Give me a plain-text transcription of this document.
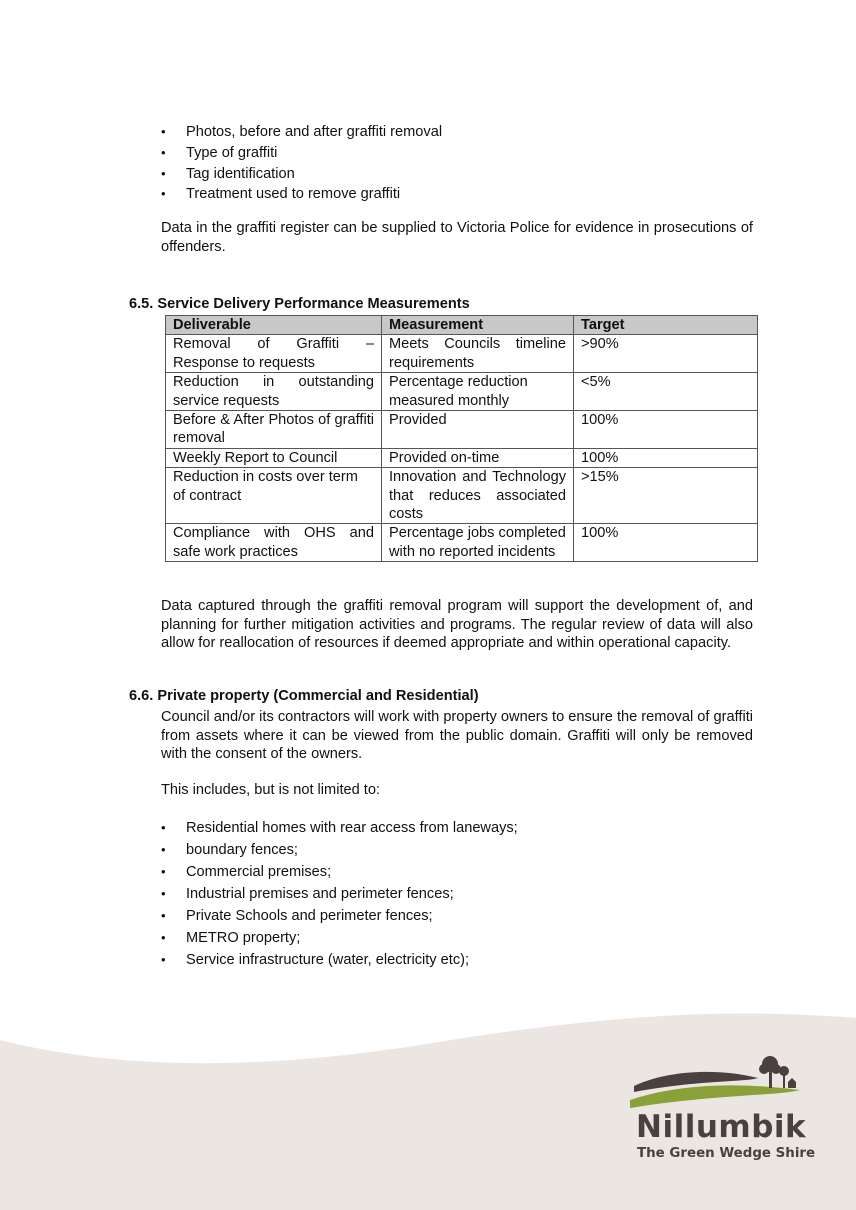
• Photos, before and after graffiti removal
• Type of graffiti
• Tag identification
• Treatment used to remove graffiti

Data in the graffiti register can be supplied to Victoria Police for evidence in prosecutions of offenders.

6.5. Service Delivery Performance Measurements
Deliverable	Measurement	Target
Removal of Graffiti – Response to requests	Meets Councils timeline requirements	>90%
Reduction in outstanding service requests	Percentage reduction measured monthly	<5%
Before & After Photos of graffiti removal	Provided	100%
Weekly Report to Council	Provided on-time	100%
Reduction in costs over term of contract	Innovation and Technology that reduces associated costs	>15%
Compliance with OHS and safe work practices	Percentage jobs completed with no reported incidents	100%

Data captured through the graffiti removal program will support the development of, and planning for further mitigation activities and programs. The regular review of data will also allow for reallocation of resources if deemed appropriate and within operational capacity.

6.6. Private property (Commercial and Residential)

Council and/or its contractors will work with property owners to ensure the removal of graffiti from assets where it can be viewed from the public domain. Graffiti will only be removed with the consent of the owners.

This includes, but is not limited to:

• Residential homes with rear access from laneways;
• boundary fences;
• Commercial premises;
• Industrial premises and perimeter fences;
• Private Schools and perimeter fences;
• METRO property;
• Service infrastructure (water, electricity etc);
Nillumbik
The Green Wedge Shire
